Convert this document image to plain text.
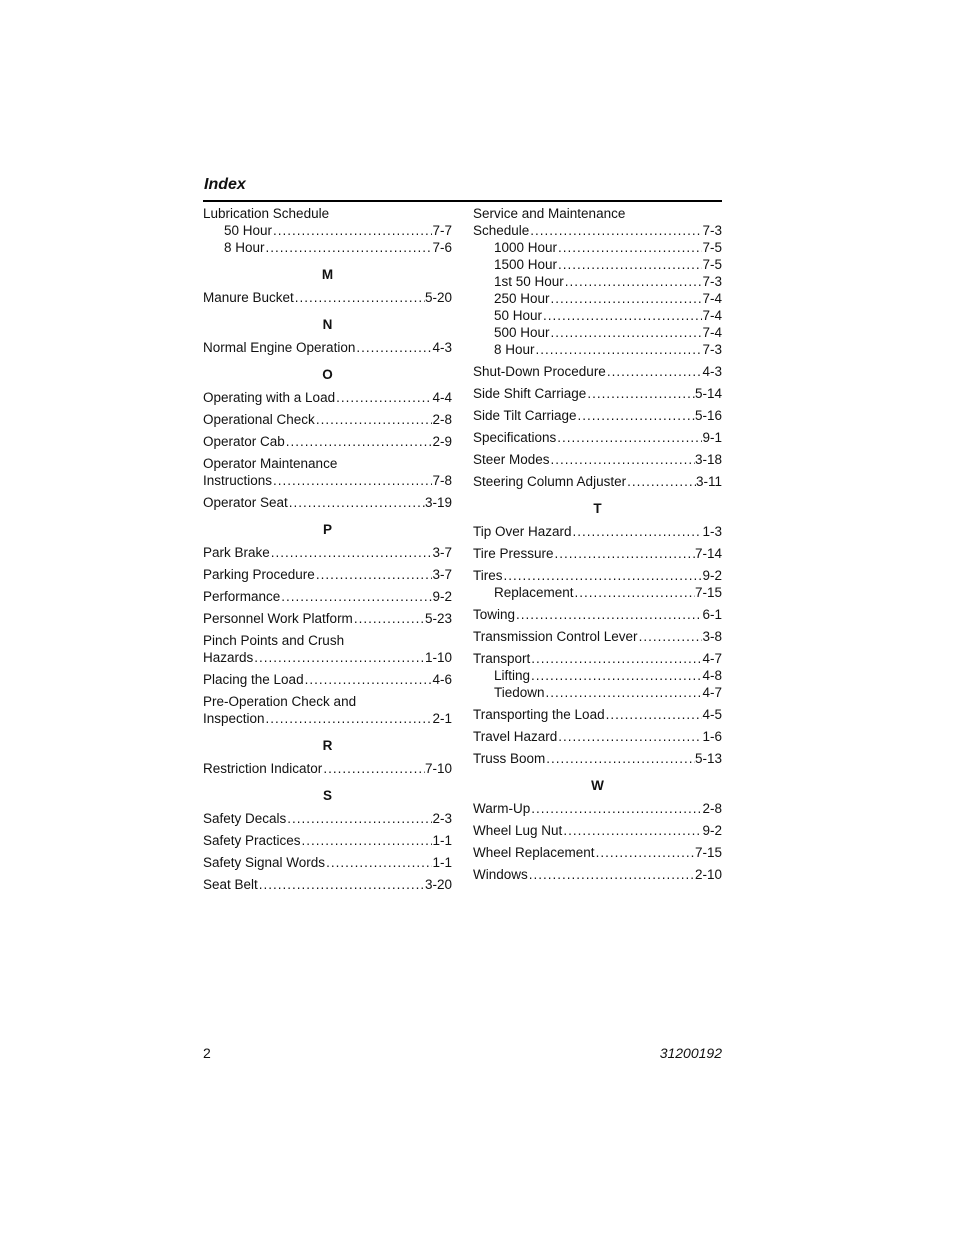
Index
Lubrication Schedule
50 Hour .....	7-7
8 Hour .....	7-6
M
Manure Bucket .....	5-20
N
Normal Engine Operation .....	4-3
O
Operating with a Load .....	4-4
Operational Check .....	2-8
Operator Cab .....	2-9
Operator Maintenance
Instructions .....	7-8
Operator Seat .....	3-19
P
Park Brake .....	3-7
Parking Procedure .....	3-7
Performance .....	9-2
Personnel Work Platform .....	5-23
Pinch Points and Crush
Hazards .....	1-10
Placing the Load .....	4-6
Pre-Operation Check and
Inspection .....	2-1
R
Restriction Indicator .....	7-10
S
Safety Decals .....	2-3
Safety Practices .....	1-1
Safety Signal Words .....	1-1
Seat Belt .....	3-20
Service and Maintenance
Schedule .....	7-3
1000 Hour .....	7-5
1500 Hour .....	7-5
1st 50 Hour .....	7-3
250 Hour .....	7-4
50 Hour .....	7-4
500 Hour .....	7-4
8 Hour .....	7-3
Shut-Down Procedure .....	4-3
Side Shift Carriage .....	5-14
Side Tilt Carriage .....	5-16
Specifications .....	9-1
Steer Modes .....	3-18
Steering Column Adjuster .....	3-11
T
Tip Over Hazard .....	1-3
Tire Pressure .....	7-14
Tires .....	9-2
Replacement .....	7-15
Towing .....	6-1
Transmission Control Lever .....	3-8
Transport .....	4-7
Lifting .....	4-8
Tiedown .....	4-7
Transporting the Load .....	4-5
Travel Hazard .....	1-6
Truss Boom .....	5-13
W
Warm-Up .....	2-8
Wheel Lug Nut .....	9-2
Wheel Replacement .....	7-15
Windows .....	2-10
2	31200192
